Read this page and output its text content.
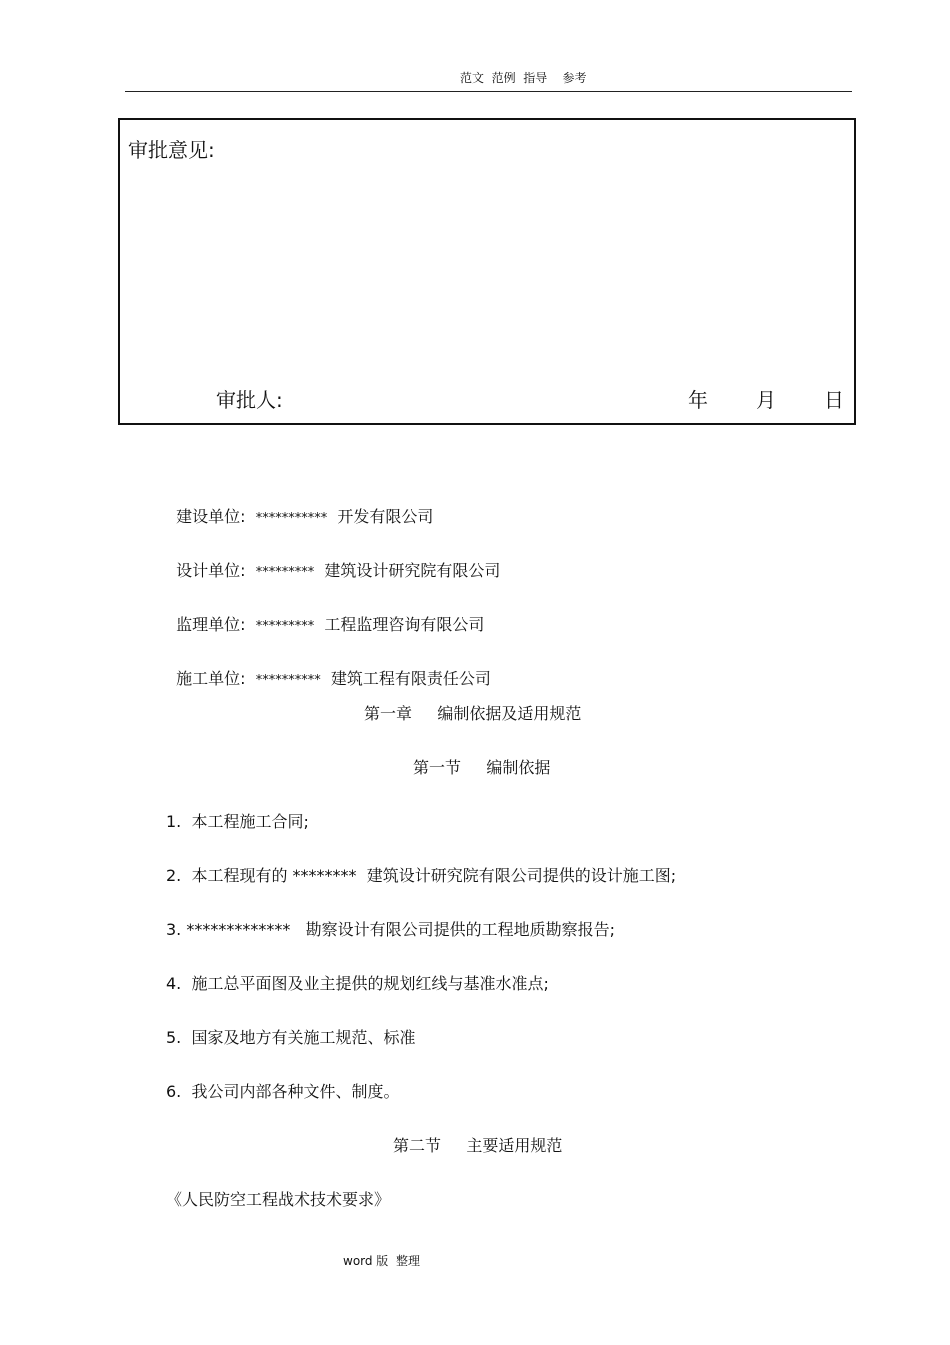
范文  范例  指导    参考
审批意见:
审批人:	年 月 日

建设单位: *********** 开发有限公司

设计单位: ********* 建筑设计研究院有限公司

监理单位: ********* 工程监理咨询有限公司

施工单位: ********** 建筑工程有限责任公司

第一章     编制依据及适用规范
第一节     编制依据
1.  本工程施工合同;
2.  本工程现有的 ********  建筑设计研究院有限公司提供的设计施工图;
3. *************   勘察设计有限公司提供的工程地质勘察报告;
4.  施工总平面图及业主提供的规划红线与基准水准点;
5.  国家及地方有关施工规范、标准
6.  我公司内部各种文件、制度。
第二节     主要适用规范
《人民防空工程战术技术要求》
word 版  整理
